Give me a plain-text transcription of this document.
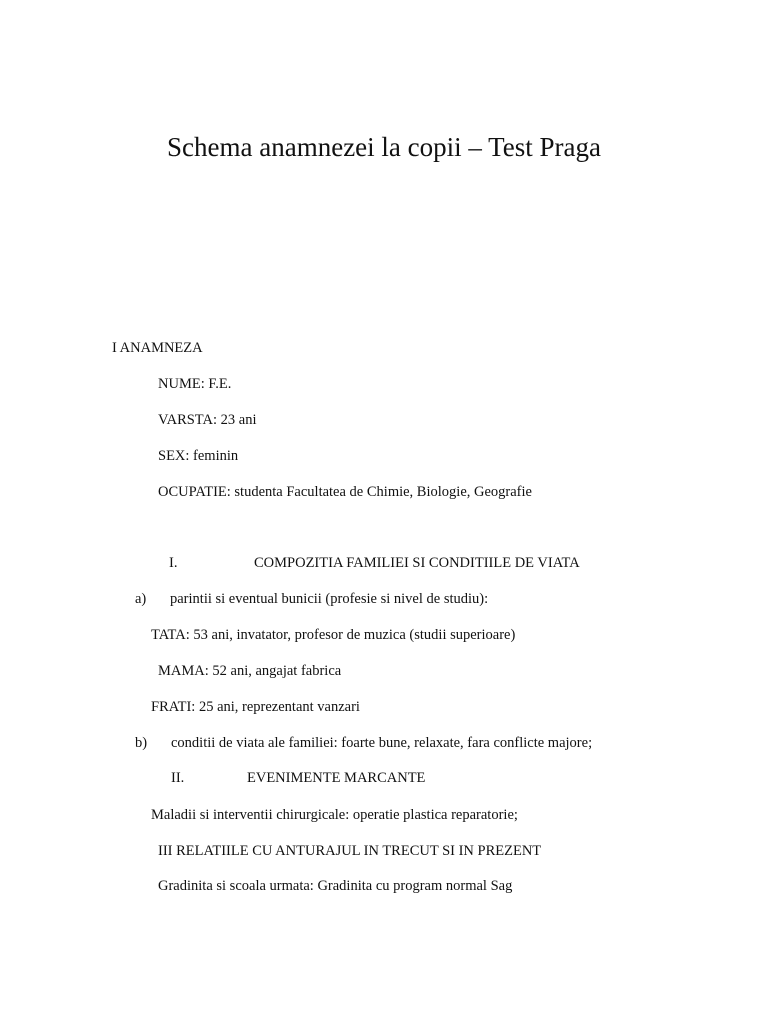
Schema anamnezei la copii – Test Praga
I ANAMNEZA
NUME: F.E.
VARSTA: 23 ani
SEX: feminin
OCUPATIE: studenta Facultatea de Chimie, Biologie, Geografie
I.	COMPOZITIA FAMILIEI SI CONDITIILE DE VIATA
a) parintii si eventual bunicii (profesie si nivel de studiu):
TATA: 53 ani, invatator, profesor de muzica (studii superioare)
MAMA: 52 ani, angajat fabrica
FRATI: 25 ani, reprezentant vanzari
b) conditii de viata ale familiei: foarte bune, relaxate, fara conflicte majore;
II.	EVENIMENTE MARCANTE
Maladii si interventii chirurgicale: operatie plastica reparatorie;
III RELATIILE CU ANTURAJUL IN TRECUT SI IN PREZENT
Gradinita si scoala urmata: Gradinita cu program normal Sag
